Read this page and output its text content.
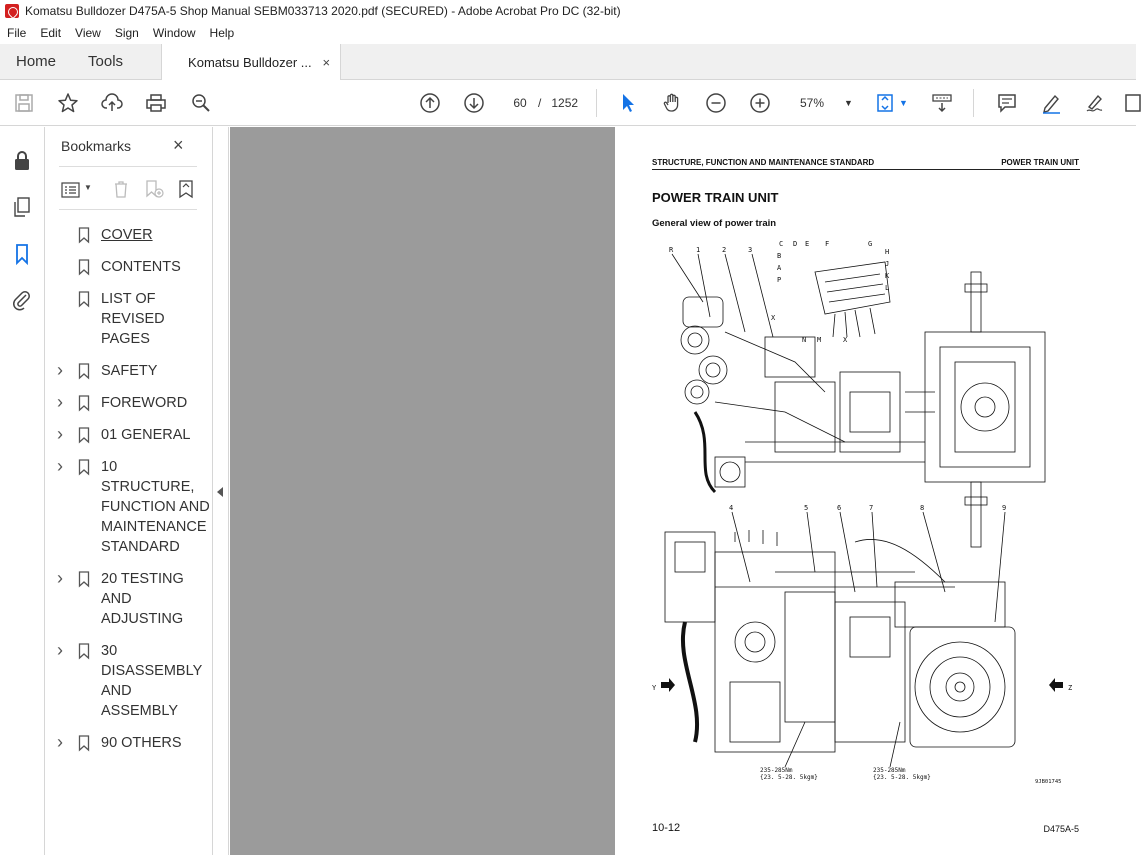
Komatsu Bulldozer D475A-5 Shop Manual SEBM033713 2020.pdf (SECURED) - Adobe Acrobat Pro DC (32-bit)
File Edit View Sign Window Help
Home	Tools	Komatsu Bulldozer ... ×
▼
60 /
1252	57% ▼
Bookmarks ×
▼
COVER
CONTENTS
LIST OF REVISED PAGES
›	SAFETY
›	FOREWORD
›	01 GENERAL
›	10 STRUCTURE, FUNCTION AND MAINTENANCE STANDARD
›	20 TESTING AND ADJUSTING
›	30 DISASSEMBLY AND ASSEMBLY
›	90 OTHERS
STRUCTURE, FUNCTION AND MAINTENANCE STANDARD	POWER TRAIN UNIT
POWER TRAIN UNIT
General view of power train
R	1	2	3
C D E F	G
H
J
K
L
B
A
P
X
N M	X
4	5	6	7	8	9
Y	Z
235-285Nm
{23. 5-28. 5kgm}
235-285Nm
{23. 5-28. 5kgm}
9JB01745
10-12	D475A-5
